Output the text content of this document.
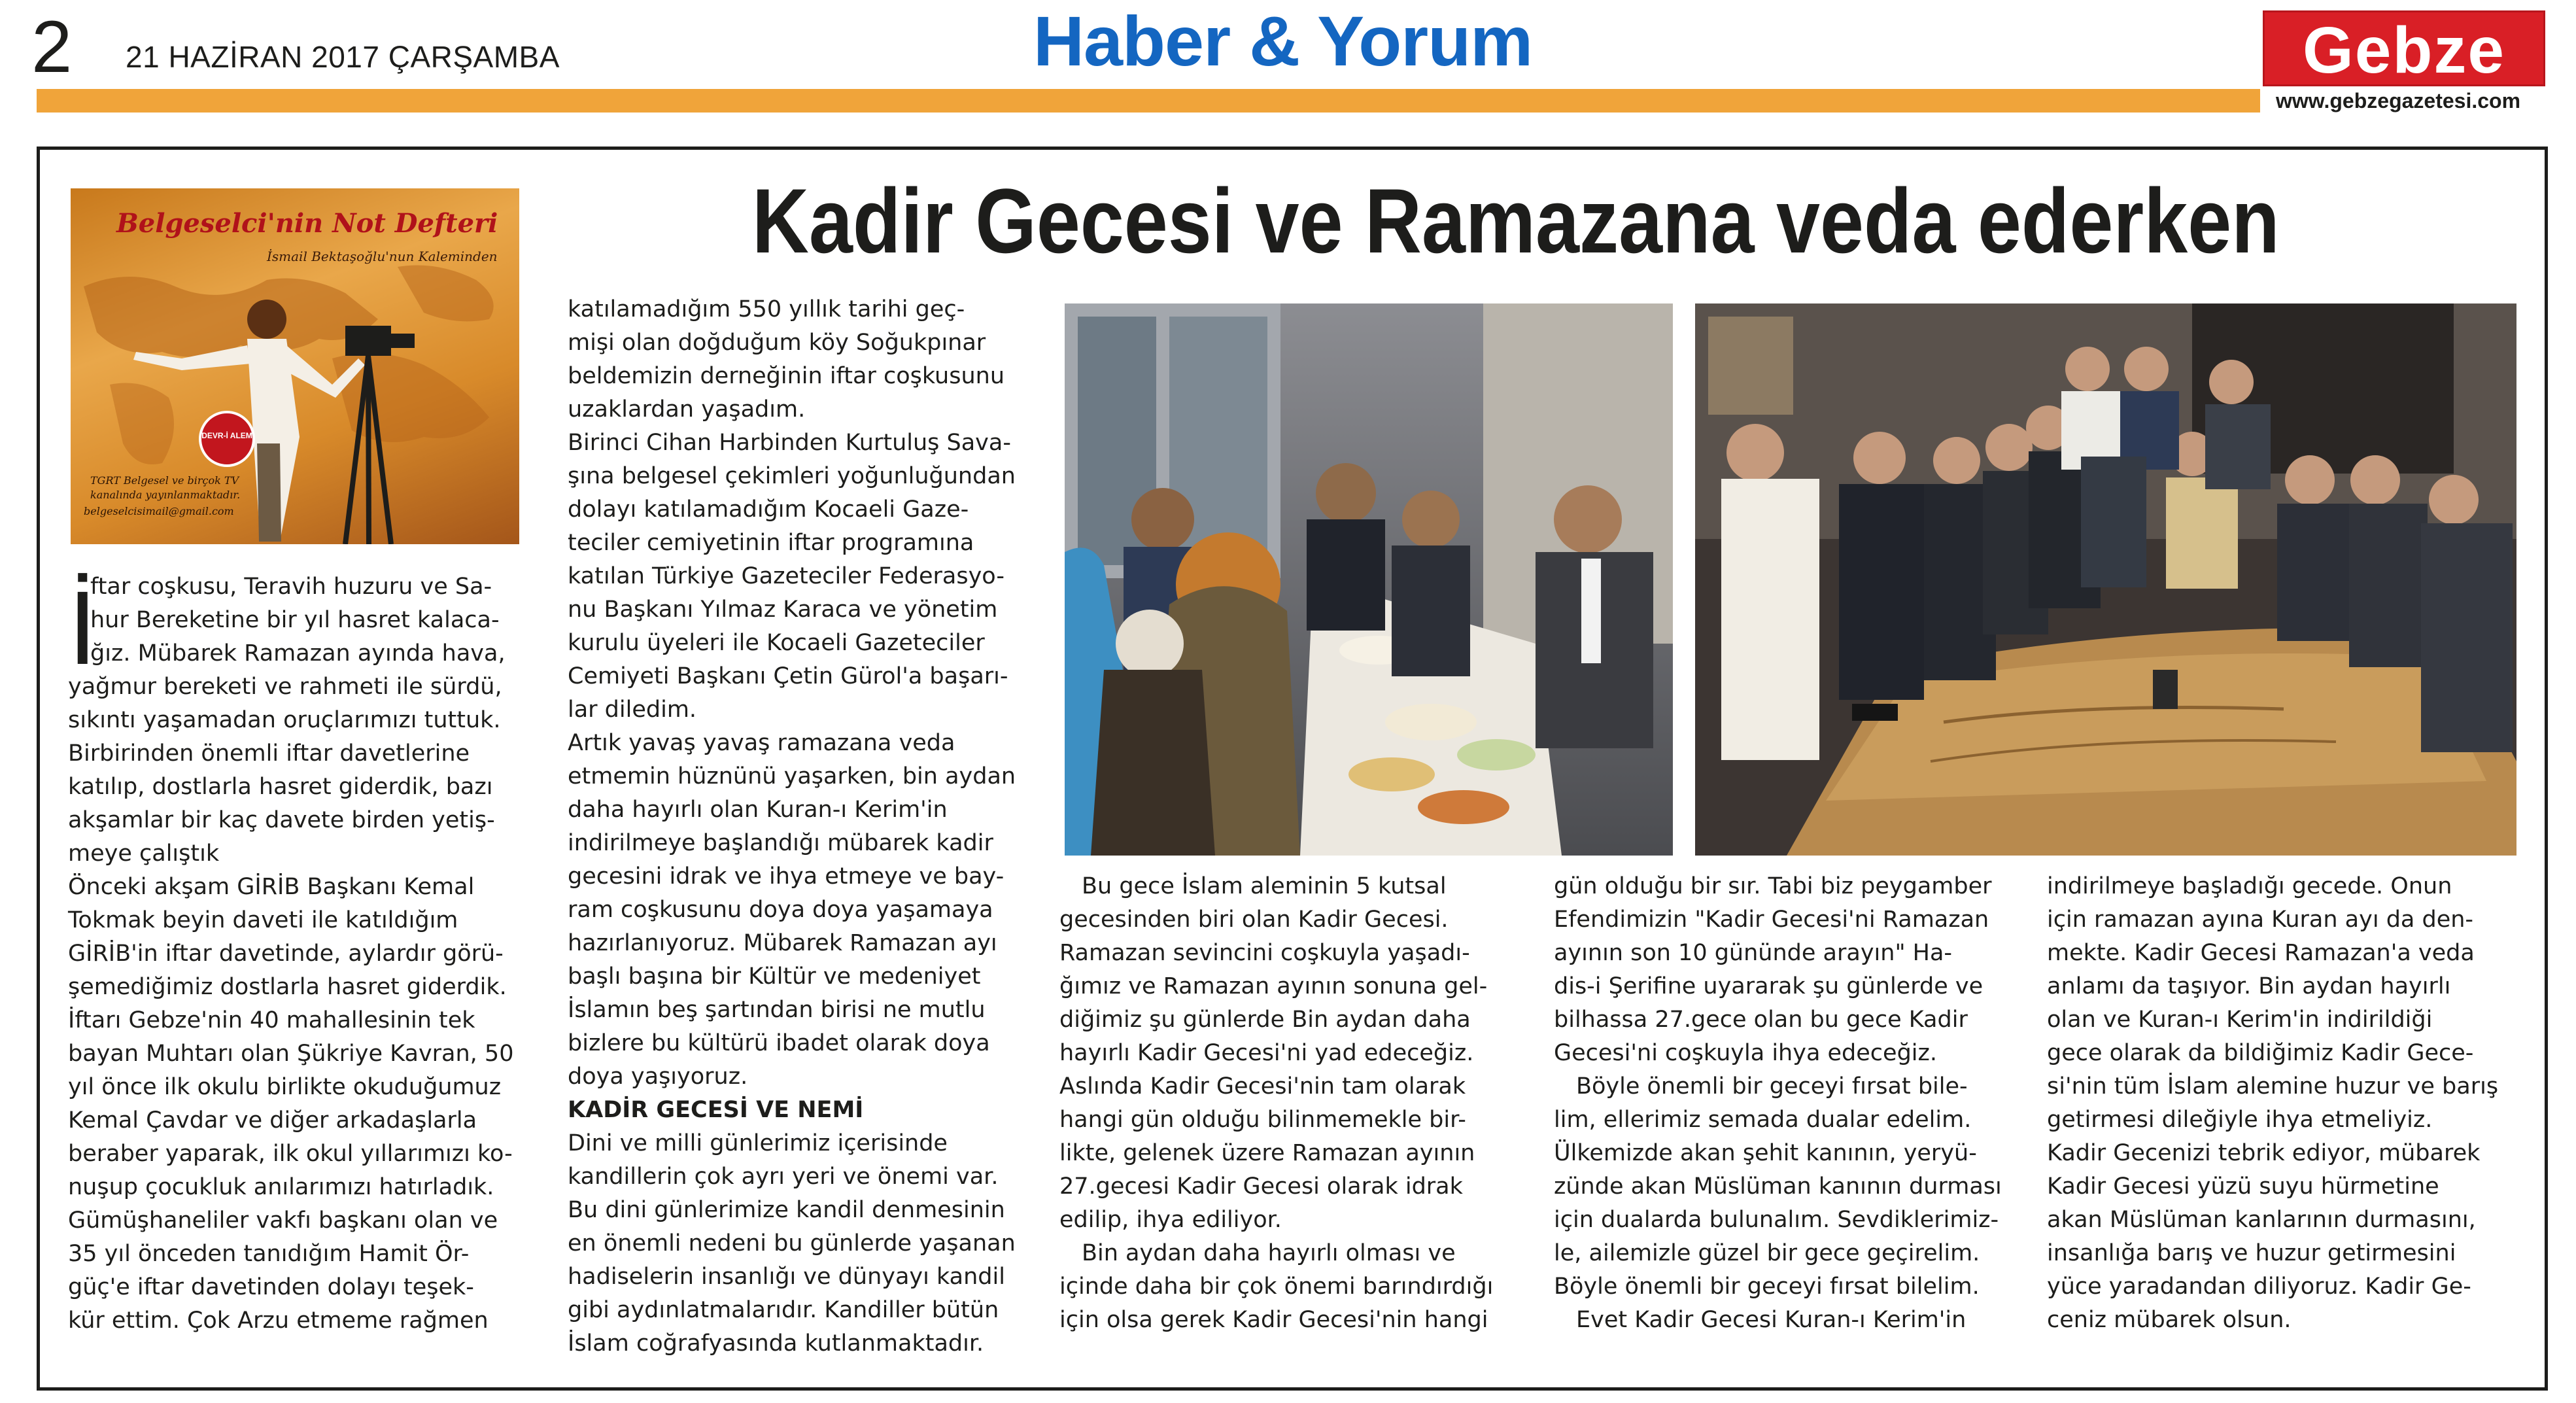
2 21 HAZİRAN 2017 ÇARŞAMBA	Haber & Yorum	Gebze
www.gebzegazetesi.com
Kadir Gecesi ve Ramazana veda ederken
Belgeselci'nin Not Defteri
İsmail Bektaşoğlu'nun Kaleminden
DEVR-İ ALEM
TGRT Belgesel ve birçok TV
kanalında yayınlanmaktadır.
belgeselcisimail@gmail.com
İ

ftar coşkusu, Teravih huzuru ve Sa-

hur Bereketine bir yıl hasret kalaca-

ğız. Mübarek Ramazan ayında hava,

yağmur bereketi ve rahmeti ile sürdü,

sıkıntı yaşamadan oruçlarımızı tuttuk.

Birbirinden önemli iftar davetlerine

katılıp, dostlarla hasret giderdik, bazı

akşamlar bir kaç davete birden yetiş-

meye çalıştık

Önceki akşam GİRİB Başkanı Kemal

Tokmak beyin daveti ile katıldığım

GİRİB'in iftar davetinde, aylardır görü-

şemediğimiz dostlarla hasret giderdik.

İftarı Gebze'nin 40 mahallesinin tek

bayan Muhtarı olan Şükriye Kavran, 50

yıl önce ilk okulu birlikte okuduğumuz

Kemal Çavdar ve diğer arkadaşlarla

beraber yaparak, ilk okul yıllarımızı ko-

nuşup çocukluk anılarımızı hatırladık.

Gümüşhaneliler vakfı başkanı olan ve

35 yıl önceden tanıdığım Hamit Ör-

güç'e iftar davetinden dolayı teşek-

kür ettim. Çok Arzu etmeme rağmen

katılamadığım 550 yıllık tarihi geç-

mişi olan doğduğum köy Soğukpınar

beldemizin derneğinin iftar coşkusunu

uzaklardan yaşadım.

Birinci Cihan Harbinden Kurtuluş Sava-

şına belgesel çekimleri yoğunluğundan

dolayı katılamadığım Kocaeli Gaze-

teciler cemiyetinin iftar programına

katılan Türkiye Gazeteciler Federasyo-

nu Başkanı Yılmaz Karaca ve yönetim

kurulu üyeleri ile Kocaeli Gazeteciler

Cemiyeti Başkanı Çetin Gürol'a başarı-

lar diledim.

Artık yavaş yavaş ramazana veda

etmemin hüznünü yaşarken, bin aydan

daha hayırlı olan Kuran-ı Kerim'in

indirilmeye başlandığı mübarek kadir

gecesini idrak ve ihya etmeye ve bay-

ram coşkusunu doya doya yaşamaya

hazırlanıyoruz. Mübarek Ramazan ayı

başlı başına bir Kültür ve medeniyet

İslamın beş şartından birisi ne mutlu

bizlere bu kültürü ibadet olarak doya

doya yaşıyoruz.

KADİR GECESİ VE NEMİ

Dini ve milli günlerimiz içerisinde

kandillerin çok ayrı yeri ve önemi var.

Bu dini günlerimize kandil denmesinin

en önemli nedeni bu günlerde yaşanan

hadiselerin insanlığı ve dünyayı kandil

gibi aydınlatmalarıdır. Kandiller bütün

İslam coğrafyasında kutlanmaktadır.

Bu gece İslam aleminin 5 kutsal

gecesinden biri olan Kadir Gecesi.

Ramazan sevincini coşkuyla yaşadı-

ğımız ve Ramazan ayının sonuna gel-

diğimiz şu günlerde Bin aydan daha

hayırlı Kadir Gecesi'ni yad edeceğiz.

Aslında Kadir Gecesi'nin tam olarak

hangi gün olduğu bilinmemekle bir-

likte, gelenek üzere Ramazan ayının

27.gecesi Kadir Gecesi olarak idrak

edilip, ihya ediliyor.

Bin aydan daha hayırlı olması ve

içinde daha bir çok önemi barındırdığı

için olsa gerek Kadir Gecesi'nin hangi

gün olduğu bir sır. Tabi biz peygamber

Efendimizin "Kadir Gecesi'ni Ramazan

ayının son 10 gününde arayın" Ha-

dis-i Şerifine uyararak şu günlerde ve

bilhassa 27.gece olan bu gece Kadir

Gecesi'ni coşkuyla ihya edeceğiz.

Böyle önemli bir geceyi fırsat bile-

lim, ellerimiz semada dualar edelim.

Ülkemizde akan şehit kanının, yeryü-

zünde akan Müslüman kanının durması

için dualarda bulunalım. Sevdiklerimiz-

le, ailemizle güzel bir gece geçirelim.

Böyle önemli bir geceyi fırsat bilelim.

Evet Kadir Gecesi Kuran-ı Kerim'in

indirilmeye başladığı gecede. Onun

için ramazan ayına Kuran ayı da den-

mekte. Kadir Gecesi Ramazan'a veda

anlamı da taşıyor. Bin aydan hayırlı

olan ve Kuran-ı Kerim'in indirildiği

gece olarak da bildiğimiz Kadir Gece-

si'nin tüm İslam alemine huzur ve barış

getirmesi dileğiyle ihya etmeliyiz.

Kadir Gecenizi tebrik ediyor, mübarek

Kadir Gecesi yüzü suyu hürmetine

akan Müslüman kanlarının durmasını,

insanlığa barış ve huzur getirmesini

yüce yaradandan diliyoruz. Kadir Ge-

ceniz mübarek olsun.
